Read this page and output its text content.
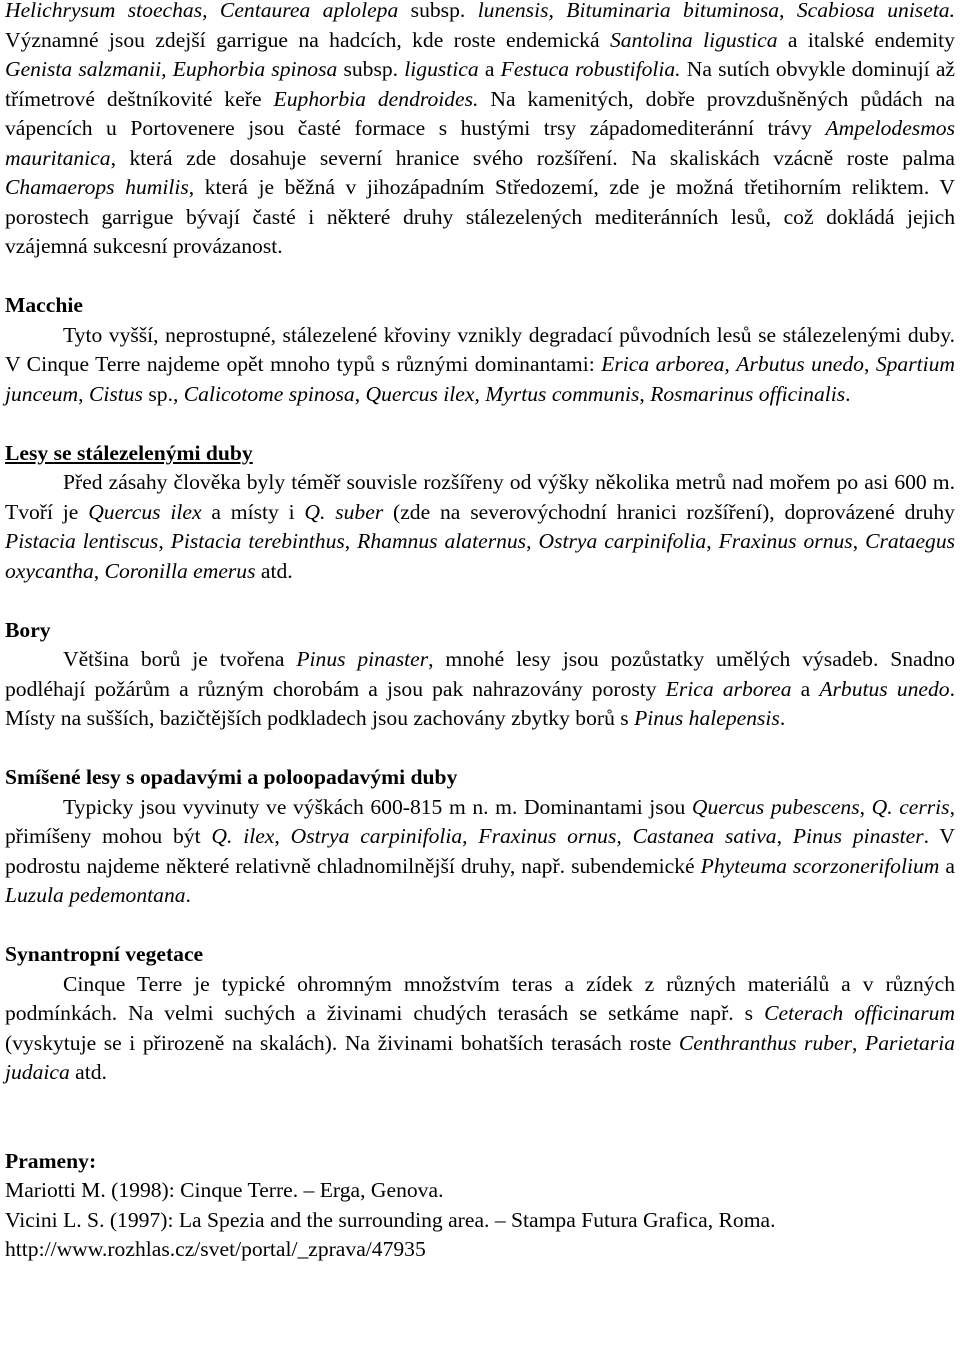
Helichrysum stoechas, Centaurea aplolepa subsp. lunensis, Bituminaria bituminosa, Scabiosa uniseta. Významné jsou zdejší garrigue na hadcích, kde roste endemická Santolina ligustica a italské endemity Genista salzmanii, Euphorbia spinosa subsp. ligustica a Festuca robustifolia. Na sutích obvykle dominují až třímetrové deštníkovité keře Euphorbia dendroides. Na kamenitých, dobře provzdušněných půdách na vápencích u Portovenere jsou časté formace s hustými trsy západomediteránní trávy Ampelodesmos mauritanica, která zde dosahuje severní hranice svého rozšíření. Na skaliskách vzácně roste palma Chamaerops humilis, která je běžná v jihozápadním Středozemí, zde je možná třetihorním reliktem. V porostech garrigue bývají časté i některé druhy stálezelených mediteránních lesů, což dokládá jejich vzájemná sukcesní provázanost.

Macchie

Tyto vyšší, neprostupné, stálezelené křoviny vznikly degradací původních lesů se stálezelenými duby. V Cinque Terre najdeme opět mnoho typů s různými dominantami: Erica arborea, Arbutus unedo, Spartium junceum, Cistus sp., Calicotome spinosa, Quercus ilex, Myrtus communis, Rosmarinus officinalis.

Lesy se stálezelenými duby

Před zásahy člověka byly téměř souvisle rozšířeny od výšky několika metrů nad mořem po asi 600 m. Tvoří je Quercus ilex a místy i Q. suber (zde na severovýchodní hranici rozšíření), doprovázené druhy Pistacia lentiscus, Pistacia terebinthus, Rhamnus alaternus, Ostrya carpinifolia, Fraxinus ornus, Crataegus oxycantha, Coronilla emerus atd.

Bory

Většina borů je tvořena Pinus pinaster, mnohé lesy jsou pozůstatky umělých výsadeb. Snadno podléhají požárům a různým chorobám a jsou pak nahrazovány porosty Erica arborea a Arbutus unedo. Místy na sušších, bazičtějších podkladech jsou zachovány zbytky borů s Pinus halepensis.

Smíšené lesy s opadavými a poloopadavými duby

Typicky jsou vyvinuty ve výškách 600-815 m n. m. Dominantami jsou Quercus pubescens, Q. cerris, přimíšeny mohou být Q. ilex, Ostrya carpinifolia, Fraxinus ornus, Castanea sativa, Pinus pinaster. V podrostu najdeme některé relativně chladnomilnější druhy, např. subendemické Phyteuma scorzonerifolium a Luzula pedemontana.

Synantropní vegetace

Cinque Terre je typické ohromným množstvím teras a zídek z různých materiálů a v různých podmínkách. Na velmi suchých a živinami chudých terasách se setkáme např. s Ceterach officinarum (vyskytuje se i přirozeně na skalách). Na živinami bohatších terasách roste Centhranthus ruber, Parietaria judaica atd.

Prameny:
Mariotti M. (1998): Cinque Terre. – Erga, Genova.
Vicini L. S. (1997): La Spezia and the surrounding area. – Stampa Futura Grafica, Roma.
http://www.rozhlas.cz/svet/portal/_zprava/47935
